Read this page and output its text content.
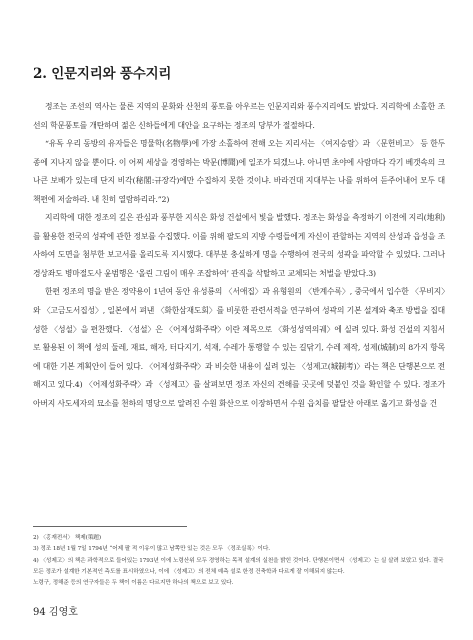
2. 인문지리와 풍수지리

정조는 조선의 역사는 물론 지역의 문화와 산천의 풍토를 아우르는 인문지리와 풍수지리에도 밝았다. 지리학에 소홀한 조선의 학문풍토를 개탄하며 젊은 신하들에게 대안을 요구하는 정조의 당부가 절절하다.

“유독 우리 동방의 유자들은 명물학(名物學)에 가장 소홀하여 전해 오는 지리서는 〈여지승람〉과 〈문헌비고〉 등 한두 종에 지나지 않을 뿐이다. 이 어찌 세상을 경영하는 박문(博聞)에 일조가 되겠느냐. 아니면 초야에 사람마다 각기 베갯속의 크나큰 보배가 있는데 단지 비각(秘閣:규장각)에만 수집하지 못한 것이냐. 바라건대 지대부는 나를 위하여 듣주어내어 모두 대책편에 저술하라. 내 친히 열람하리라.”2)

지리학에 대한 정조의 깊은 관심과 풍부한 지식은 화성 건설에서 빛을 발했다. 정조는 화성을 측정하기 이전에 지리(地利)를 활용한 전국의 성곽에 관한 정보를 수집했다. 이를 위해 팔도의 지방 수령들에게 자신이 관할하는 지역의 산성과 읍성을 조사하여 도면을 첨부한 보고서를 올리도록 지시했다. 대부분 충실하게 명을 수행하여 전국의 성곽을 파악할 수 있었다. 그러나 경상좌도 병마절도사 윤범행은 ‘올린 그림이 매우 조잡하여’ 관직을 삭탈하고 교체되는 처벌을 받았다.3)

한편 정조의 명을 받은 정약용이 1년여 동안 유성룡의 〈서애집〉과 유형원의 〈반계수록〉, 중국에서 입수한 〈무비지〉와 〈고금도서집성〉, 일본에서 펴낸 〈화한삼재도회〉를 비롯한 관련서적을 연구하여 성곽의 기본 설계와 축조 방법을 집대성한 〈성설〉을 편찬했다. 〈성설〉은 〈어제성화주략〉이란 제목으로 〈화성성역의궤〉에 실려 있다. 화성 건설의 지침서로 활용된 이 책에 성의 둘레, 재료, 해자, 터다지기, 석재, 수레가 통행할 수 있는 길닦기, 수레 제작, 성제(城制)의 8가지 항목에 대한 기본 계획안이 들어 있다. 〈어제성화주략〉과 비슷한 내용이 실려 있는 〈성제고(城制考)〉라는 책은 단행본으로 전해지고 있다.4) 〈어제성화주략〉과 〈성제고〉를 살펴보면 정조 자신의 견해를 곳곳에 덧붙인 것을 확인할 수 있다. 정조가 아버지 사도세자의 묘소를 천하의 명당으로 알려진 수원 화산으로 이장하면서 수원 읍치를 팔달산 아래로 옮기고 화성을 건

2) 〈홍재전서〉 책제(策題)

3) 정조 18년 1월 7일 1794년 “어제 팔 적 이유이 많고 남쪽만 있는 것은 모두 〈정조실록〉이다.

4) 〈성제고〉의 책은 과학적으로 들어있는 1793년 이에 노령산위 모두 경영하는 목적 설계의 실천을 밝힌 것이다. 단행본이면서 〈성제고〉는 실 살려 보았고 있다. 결국 모든 정조가 설계한 기본적인 측도를 표시하였으나, 이에 〈성제고〉의 전체 예측 설로 한정 건축학과 다르게 잘 이해되지 않는다.

노령구, 정해준 등의 연구자들은 두 책이 이름은 다르지만 하나의 책으로 보고 있다.

94 김영호
